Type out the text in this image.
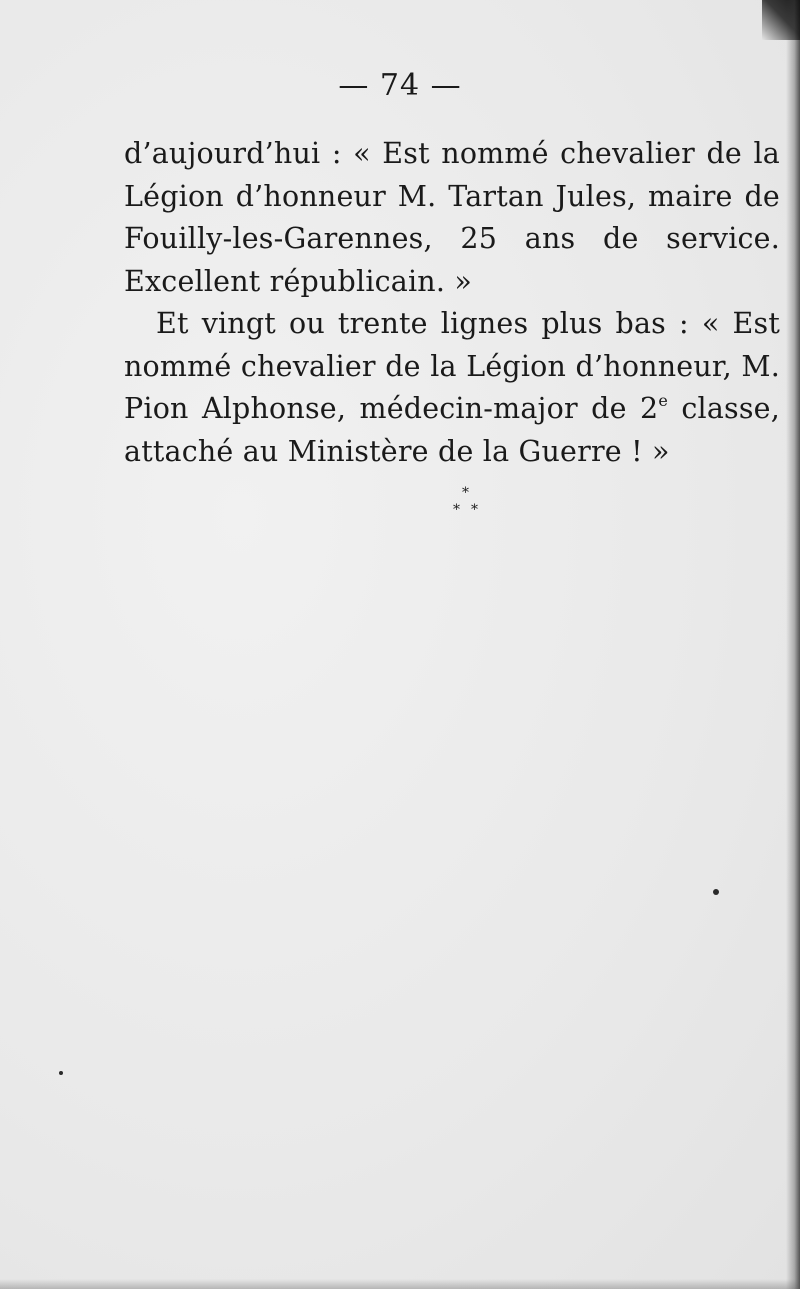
— 74 —

d’aujourd’hui : « Est nommé chevalier de la Légion d’honneur M. Tartan Jules, maire de Fouilly-les-Garennes, 25 ans de service. Excellent républicain. »

Et vingt ou trente lignes plus bas : « Est nommé chevalier de la Légion d’honneur, M. Pion Alphonse, médecin-major de 2e classe, attaché au Ministère de la Guerre ! »

*
* *
